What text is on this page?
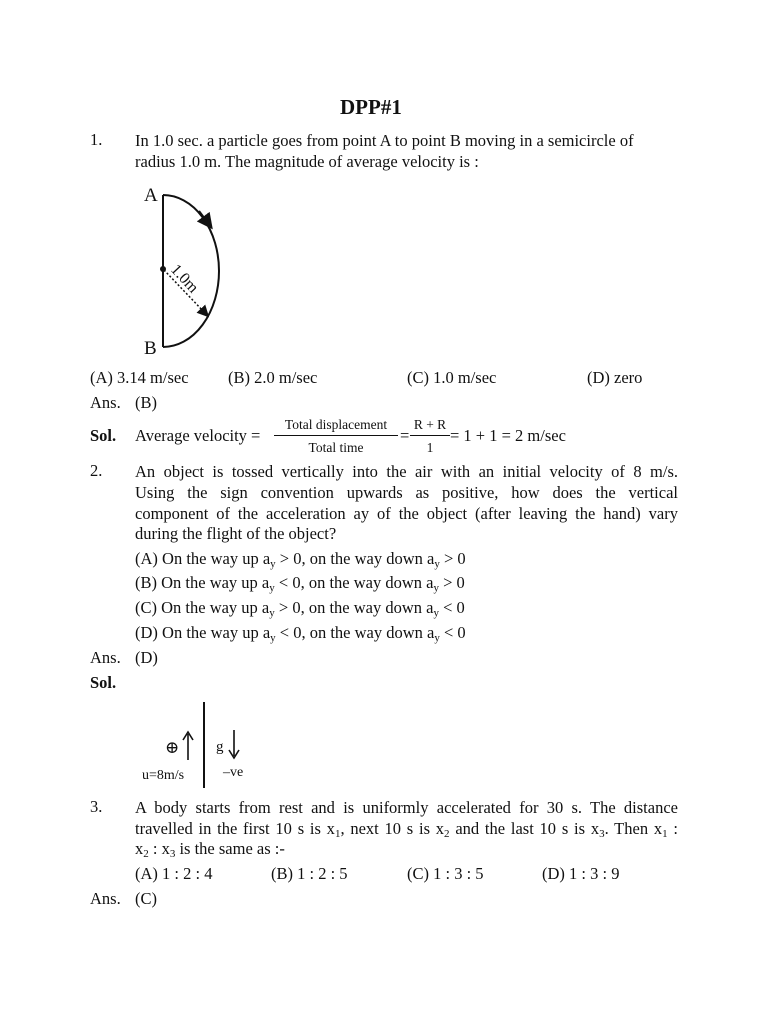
DPP#1
1. In 1.0 sec. a particle goes from point A to point B moving in a semicircle of
radius 1.0 m. The magnitude of average velocity is :
A
B
1.0m
(A) 3.14 m/sec (B) 2.0 m/sec	(C) 1.0 m/sec	(D) zero
Ans. (B)
Sol. Average velocity =
Total displacement
Total time
=
R + R
1
= 1 + 1 = 2 m/sec
2. An object is tossed vertically into the air with an initial velocity of 8 m/s.
Using the sign convention upwards as positive, how does the vertical
component of the acceleration ay of the object (after leaving the hand) vary
during the flight of the object?
(A) On the way up $a_y > 0$, on the way down $a_y > 0$
(B) On the way up $a_y < 0$, on the way down $a_y > 0$
(C) On the way up $a_y > 0$, on the way down $a_y < 0$
(D) On the way up $a_y < 0$, on the way down $a_y < 0$
Ans. (D)
Sol.
⊕
u=8m/s
g
–ve
3. A body starts from rest and is uniformly accelerated for 30 s. The distance
travelled in the first 10 s is $x_1$, next 10 s is $x_2$ and the last 10 s is $x_3$. Then $x_1$ :
$x_2$ : $x_3$ is the same as :-
(A) 1 : 2 : 4	(B) 1 : 2 : 5	(C) 1 : 3 : 5	(D) 1 : 3 : 9
Ans. (C)
